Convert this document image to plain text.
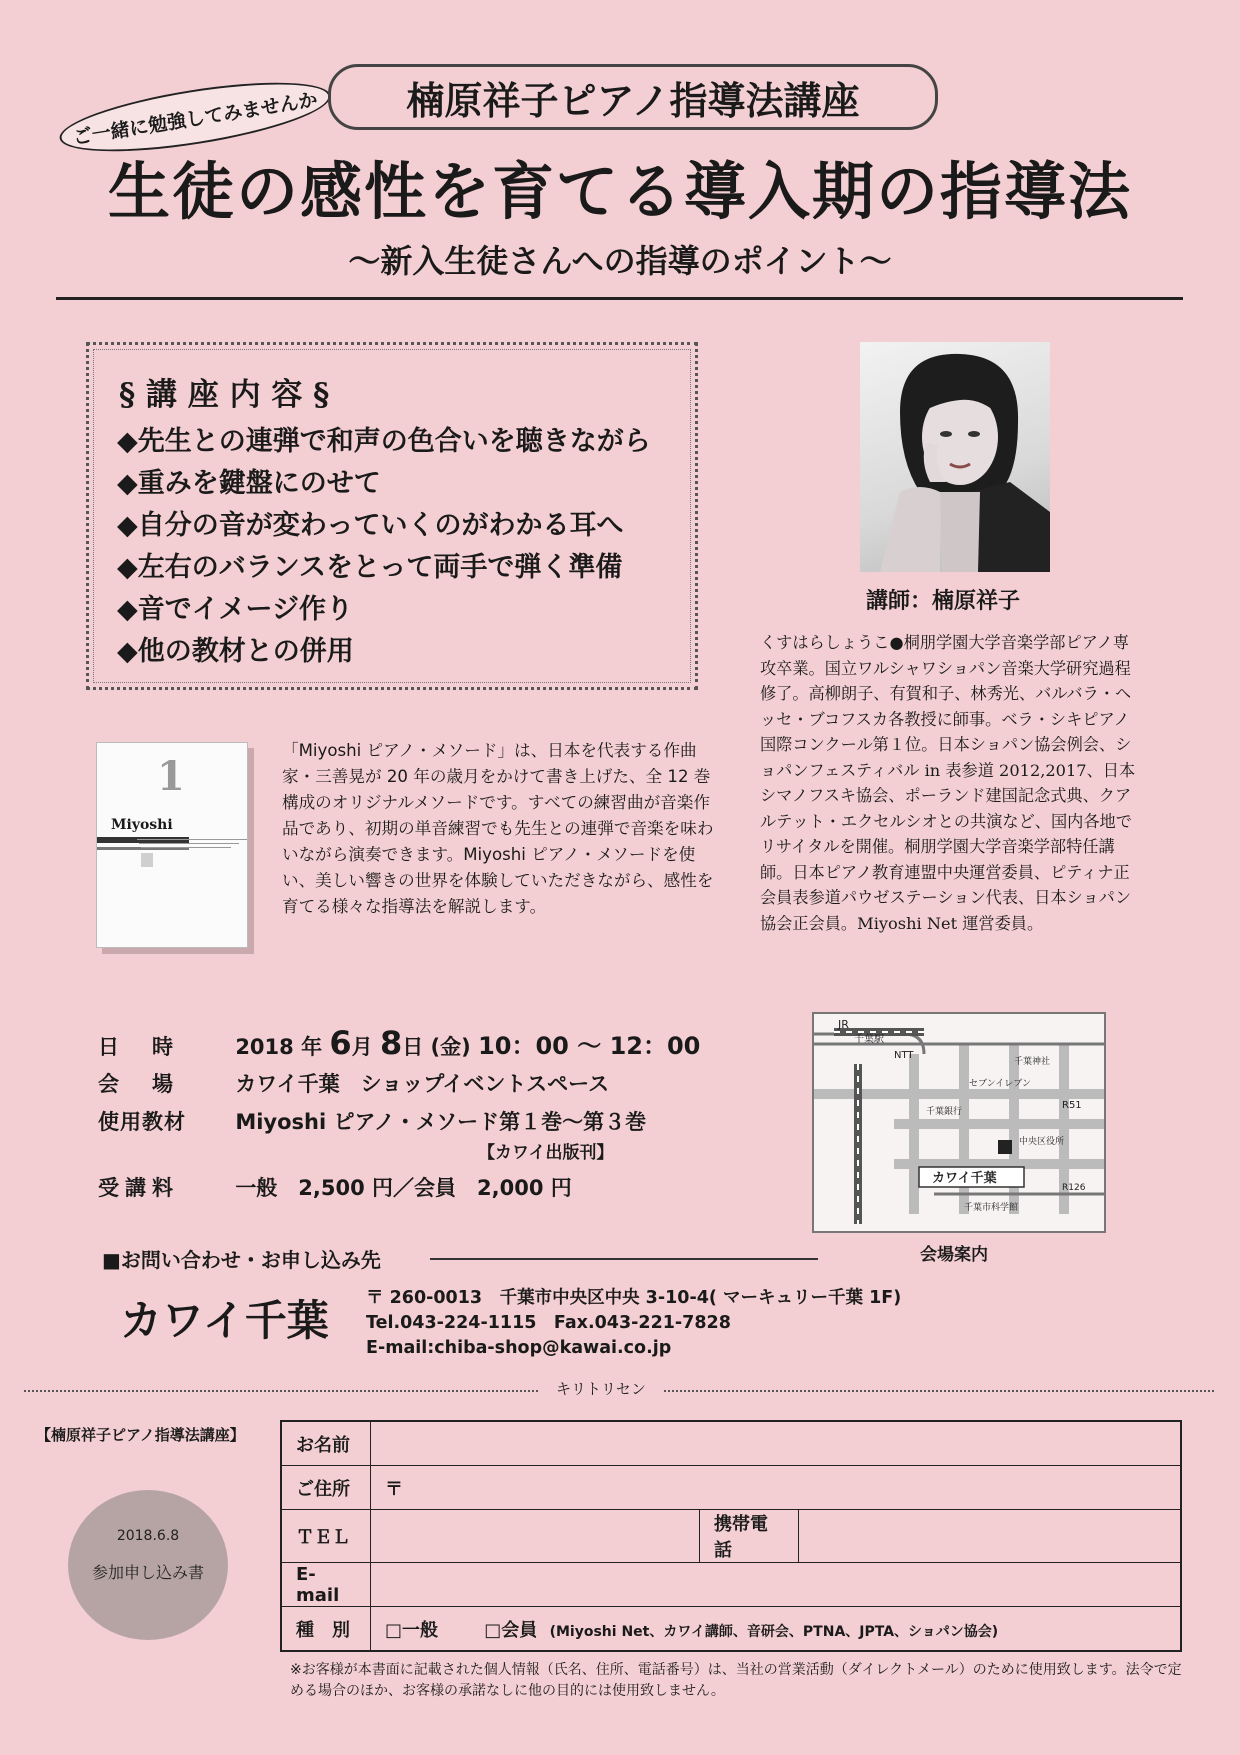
ご一緒に勉強してみませんか	楠原祥子ピアノ指導法講座
生徒の感性を育てる導入期の指導法
～新入生徒さんへの指導のポイント～
§ 講 座 内 容 §
◆先生との連弾で和声の色合いを聴きながら
◆重みを鍵盤にのせて
◆自分の音が変わっていくのがわかる耳へ
◆左右のバランスをとって両手で弾く準備
◆音でイメージ作り
◆他の教材との併用
講師：楠原祥子
くすはらしょうこ●桐朋学園大学音楽学部ピアノ専攻卒業。国立ワルシャワショパン音楽大学研究過程修了。高柳朗子、有賀和子、林秀光、バルバラ・ヘッセ・ブコフスカ各教授に師事。ベラ・シキピアノ国際コンクール第１位。日本ショパン協会例会、ショパンフェスティバル in 表参道 2012,2017、日本シマノフスキ協会、ポーランド建国記念式典、クアルテット・エクセルシオとの共演など、国内各地でリサイタルを開催。桐朋学園大学音楽学部特任講師。日本ピアノ教育連盟中央運営委員、ピティナ正会員表参道パウゼステーション代表、日本ショパン協会正会員。Miyoshi Net 運営委員。
1
Miyoshi
「Miyoshi ピアノ・メソード」は、日本を代表する作曲家・三善晃が 20 年の歳月をかけて書き上げた、全 12 巻構成のオリジナルメソードです。すべての練習曲が音楽作品であり、初期の単音練習でも先生との連弾で音楽を味わいながら演奏できます。Miyoshi ピアノ・メソードを使い、美しい響きの世界を体験していただきながら、感性を育てる様々な指導法を解説します。
日　時	2018 年 6月 8日 (金) 10：00 ～ 12：00
会　場	カワイ千葉　ショップイベントスペース
使用教材 Miyoshi ピアノ・メソード第１巻～第３巻
【カワイ出版刊】
受講料	一般　2,500 円／会員　2,000 円	カワイ千葉
JR
千葉駅
NTT
千葉神社
セブンイレブン
R51
千葉銀行
中央区役所
R126
千葉市科学館
会場案内
■お問い合わせ・お申し込み先
カワイ千葉 〒 260-0013　千葉市中央区中央 3-10-4( マーキュリー千葉 1F)
Tel.043-224-1115　Fax.043-221-7828
E-mail:chiba-shop@kawai.co.jp
キリトリセン
【楠原祥子ピアノ指導法講座】
2018.6.8
参加申し込み書
お名前			
ご住所	〒		
ＴＥＬ		携帯電話	
E-mail			
種　別	□一般 □会員 (Miyoshi Net、カワイ講師、音研会、PTNA、JPTA、ショパン協会)		
※お客様が本書面に記載された個人情報（氏名、住所、電話番号）は、当社の営業活動（ダイレクトメール）のために使用致します。法令で定める場合のほか、お客様の承諾なしに他の目的には使用致しません。
